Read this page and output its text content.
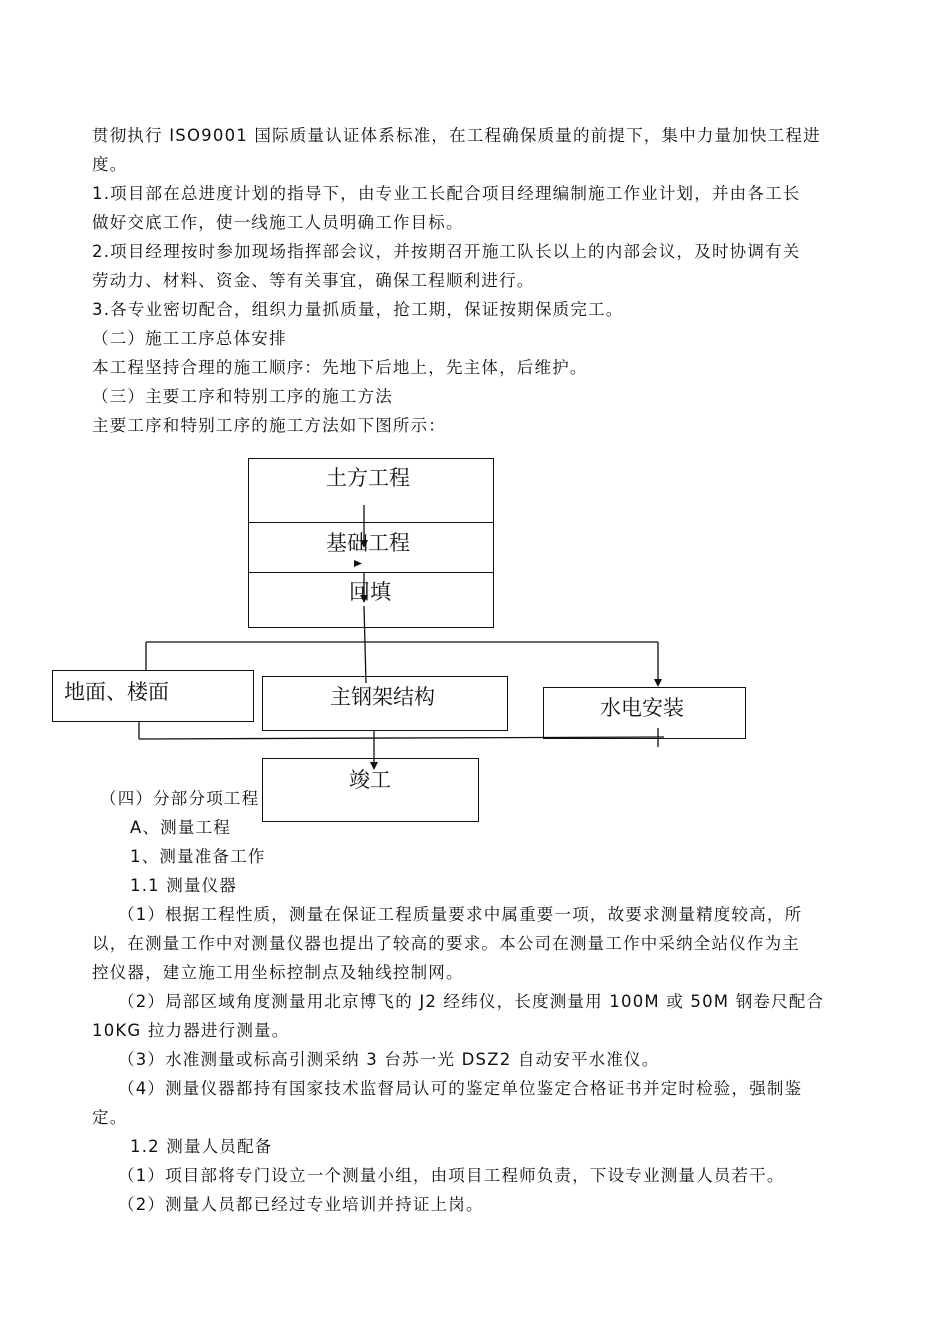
贯彻执行 ISO9001 国际质量认证体系标准，在工程确保质量的前提下，集中力量加快工程进
度。
1.项目部在总进度计划的指导下，由专业工长配合项目经理编制施工作业计划，并由各工长
做好交底工作，使一线施工人员明确工作目标。
2.项目经理按时参加现场指挥部会议，并按期召开施工队长以上的内部会议，及时协调有关
劳动力、材料、资金、等有关事宜，确保工程顺利进行。
3.各专业密切配合，组织力量抓质量，抢工期，保证按期保质完工。
（二）施工工序总体安排
本工程坚持合理的施工顺序：先地下后地上，先主体，后维护。
（三）主要工序和特别工序的施工方法
主要工序和特别工序的施工方法如下图所示：
土方工程
基础工程
回填
地面、楼面	主钢架结构	水电安装
竣工
（四）分部分项工程
A、测量工程
1、测量准备工作
1.1 测量仪器
（1）根据工程性质，测量在保证工程质量要求中属重要一项，故要求测量精度较高，所
以，在测量工作中对测量仪器也提出了较高的要求。本公司在测量工作中采纳全站仪作为主
控仪器，建立施工用坐标控制点及轴线控制网。
（2）局部区域角度测量用北京博飞的 J2 经纬仪，长度测量用 100M 或 50M 钢卷尺配合
10KG 拉力器进行测量。
（3）水准测量或标高引测采纳 3 台苏一光 DSZ2 自动安平水准仪。
（4）测量仪器都持有国家技术监督局认可的鉴定单位鉴定合格证书并定时检验，强制鉴
定。
1.2 测量人员配备
（1）项目部将专门设立一个测量小组，由项目工程师负责，下设专业测量人员若干。
（2）测量人员都已经过专业培训并持证上岗。
